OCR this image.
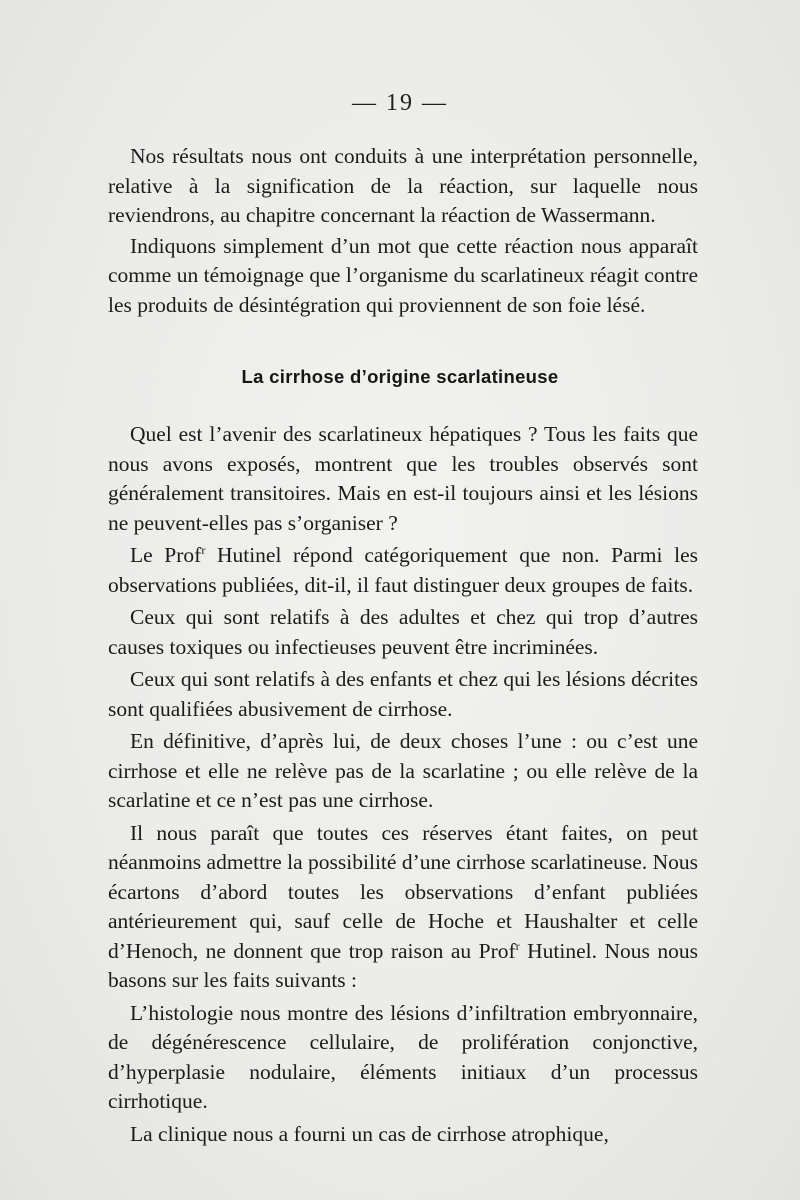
— 19 —

Nos résultats nous ont conduits à une interprétation personnelle, relative à la signification de la réaction, sur laquelle nous reviendrons, au chapitre concernant la réaction de Wassermann.

Indiquons simplement d’un mot que cette réaction nous apparaît comme un témoignage que l’organisme du scarlatineux réagit contre les produits de désintégration qui proviennent de son foie lésé.

La cirrhose d’origine scarlatineuse

Quel est l’avenir des scarlatineux hépatiques ? Tous les faits que nous avons exposés, montrent que les troubles observés sont généralement transitoires. Mais en est-il toujours ainsi et les lésions ne peuvent-elles pas s’organiser ?

Le Prof$^r$ Hutinel répond catégoriquement que non. Parmi les observations publiées, dit-il, il faut distinguer deux groupes de faits.

Ceux qui sont relatifs à des adultes et chez qui trop d’autres causes toxiques ou infectieuses peuvent être incriminées.

Ceux qui sont relatifs à des enfants et chez qui les lésions décrites sont qualifiées abusivement de cirrhose.

En définitive, d’après lui, de deux choses l’une : ou c’est une cirrhose et elle ne relève pas de la scarlatine ; ou elle relève de la scarlatine et ce n’est pas une cirrhose.

Il nous paraît que toutes ces réserves étant faites, on peut néanmoins admettre la possibilité d’une cirrhose scarlatineuse. Nous écartons d’abord toutes les observations d’enfant publiées antérieurement qui, sauf celle de Hoche et Haushalter et celle d’Henoch, ne donnent que trop raison au Prof$^r$ Hutinel. Nous nous basons sur les faits suivants :

L’histologie nous montre des lésions d’infiltration embryonnaire, de dégénérescence cellulaire, de prolifération conjonctive, d’hyperplasie nodulaire, éléments initiaux d’un processus cirrhotique.

La clinique nous a fourni un cas de cirrhose atrophique,
